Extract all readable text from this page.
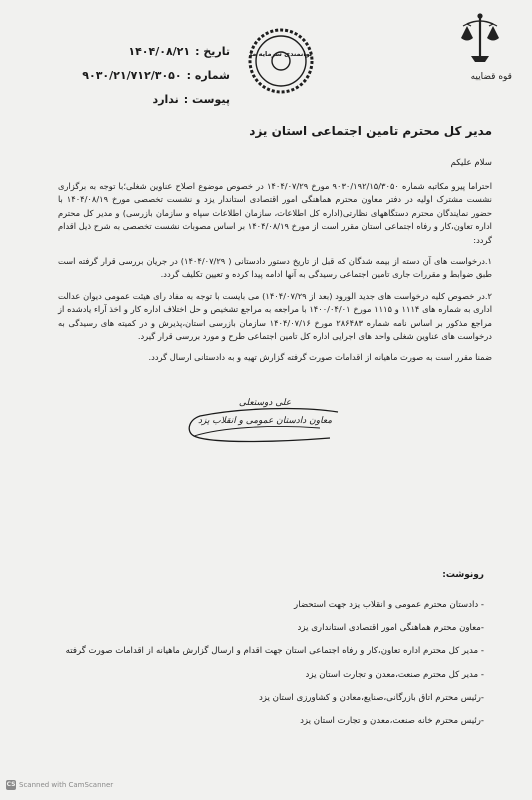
قوه قضاییه
توانمندی سرمایه ما
تاریخ :
۱۴۰۴/۰۸/۲۱
شماره :
۹۰۳۰/۲۱/۷۱۲/۳۰۵۰
پیوست :
ندارد
مدیر کل محترم تامین اجتماعی استان یزد
سلام علیکم

احتراما پیرو مکاتبه شماره ۹۰۳۰/۱۹۲/۱۵/۳۰۵۰ مورخ ۱۴۰۴/۰۷/۲۹ در خصوص موضوع اصلاح عناوین شغلی؛با توجه به برگزاری نشست مشترک اولیه در دفتر معاون محترم هماهنگی امور اقتصادی استاندار یزد و نشست تخصصی مورخ ۱۴۰۴/۰۸/۱۹ با حضور نمایندگان محترم دستگاههای نظارتی(اداره کل اطلاعات، سازمان اطلاعات سپاه و سازمان بازرسی) و مدیر کل محترم اداره تعاون،کار و رفاه اجتماعی استان مقرر است از مورخ ۱۴۰۴/۰۸/۱۹ بر اساس مصوبات نشست تخصصی به شرح ذیل اقدام گردد:

۱.درخواست های آن دسته از بیمه شدگان که قبل از تاریخ دستور دادستانی ( ۱۴۰۴/۰۷/۲۹) در جریان بررسی قرار گرفته است طبق ضوابط و مقررات جاری تامین اجتماعی رسیدگی به آنها ادامه پیدا کرده و تعیین تکلیف گردد.

۲.در خصوص کلیه درخواست های جدید الورود (بعد از ۱۴۰۴/۰۷/۲۹) می بایست با توجه به مفاد رای هیئت عمومی دیوان عدالت اداری به شماره های ۱۱۱۴ و ۱۱۱۵ مورخ ۱۴۰۰/۰۴/۰۱ با مراجعه به مراجع تشخیص و حل اختلاف اداره کار و اخذ آراء یادشده از مراجع مذکور بر اساس نامه شماره ۲۸۶۴۸۳ مورخ ۱۴۰۴/۰۷/۱۶ سازمان بازرسی استان،پذیرش و در کمیته های رسیدگی به درخواست های عناوین شغلی واحد های اجرایی اداره کل تامین اجتماعی طرح و مورد بررسی قرار گیرد.

ضمنا مقرر است به صورت ماهیانه از اقدامات صورت گرفته گزارش تهیه و به دادستانی ارسال گردد.

علی دوستعلی
معاون دادستان عمومی و انقلاب یزد
رونوشت:
- دادستان محترم عمومی و انقلاب یزد جهت استحضار
-معاون محترم هماهنگی امور اقتصادی استانداری یزد
- مدیر کل محترم اداره تعاون،کار و رفاه اجتماعی استان جهت اقدام و ارسال گزارش ماهیانه از اقدامات صورت گرفته
- مدیر کل محترم صنعت،معدن و تجارت استان یزد
-رئیس محترم اتاق بازرگانی،صنایع،معادن و کشاورزی استان یزد
-رئیس محترم خانه صنعت،معدن و تجارت استان یزد
CS Scanned with CamScanner
